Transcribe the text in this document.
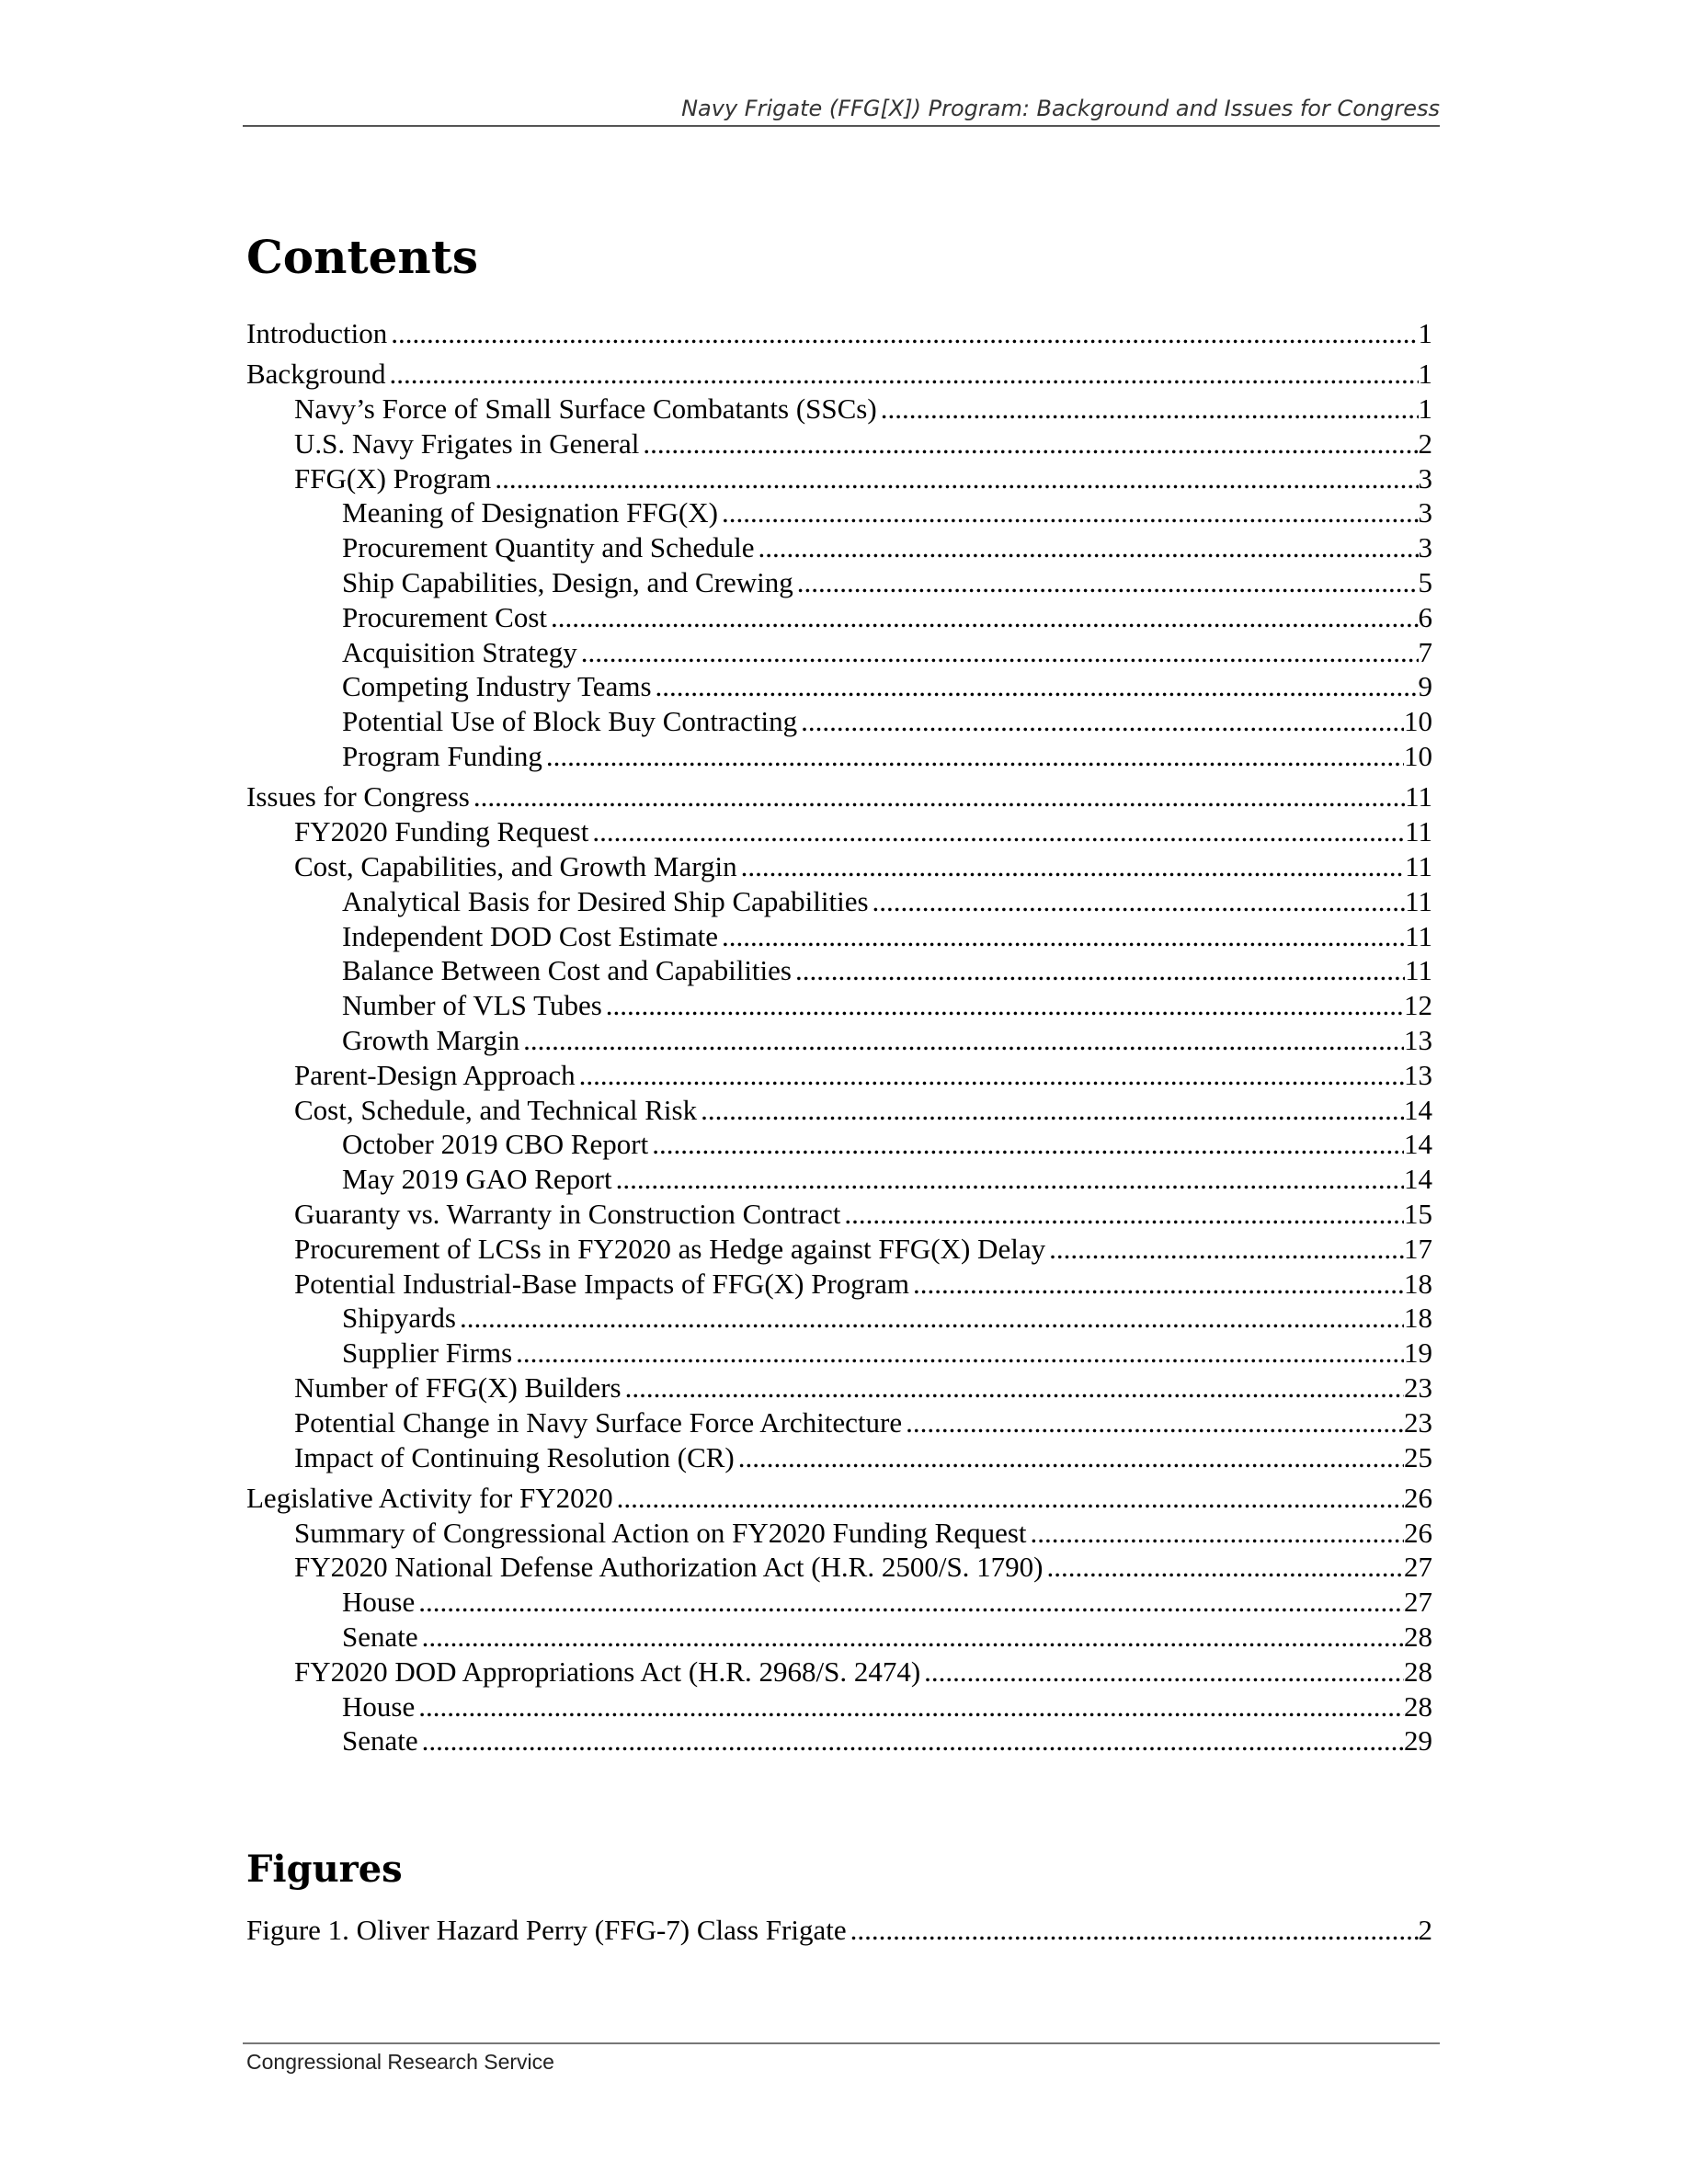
Navy Frigate (FFG[X]) Program: Background and Issues for Congress
Contents
Introduction .....	1
Background .....	1
Navy’s Force of Small Surface Combatants (SSCs) .....	1
U.S. Navy Frigates in General .....	2
FFG(X) Program .....	3
Meaning of Designation FFG(X) .....	3
Procurement Quantity and Schedule .....	3
Ship Capabilities, Design, and Crewing .....	5
Procurement Cost .....	6
Acquisition Strategy .....	7
Competing Industry Teams .....	9
Potential Use of Block Buy Contracting .....	10
Program Funding .....	10
Issues for Congress .....	11
FY2020 Funding Request .....	11
Cost, Capabilities, and Growth Margin .....	11
Analytical Basis for Desired Ship Capabilities .....	11
Independent DOD Cost Estimate .....	11
Balance Between Cost and Capabilities .....	11
Number of VLS Tubes .....	12
Growth Margin .....	13
Parent-Design Approach .....	13
Cost, Schedule, and Technical Risk .....	14
October 2019 CBO Report .....	14
May 2019 GAO Report .....	14
Guaranty vs. Warranty in Construction Contract .....	15
Procurement of LCSs in FY2020 as Hedge against FFG(X) Delay .....	17
Potential Industrial-Base Impacts of FFG(X) Program .....	18
Shipyards .....	18
Supplier Firms .....	19
Number of FFG(X) Builders .....	23
Potential Change in Navy Surface Force Architecture .....	23
Impact of Continuing Resolution (CR) .....	25
Legislative Activity for FY2020 .....	26
Summary of Congressional Action on FY2020 Funding Request .....	26
FY2020 National Defense Authorization Act (H.R. 2500/S. 1790) .....	27
House .....	27
Senate .....	28
FY2020 DOD Appropriations Act (H.R. 2968/S. 2474) .....	28
House .....	28
Senate .....	29
Figures
Figure 1. Oliver Hazard Perry (FFG-7) Class Frigate .....	2
Congressional Research Service
